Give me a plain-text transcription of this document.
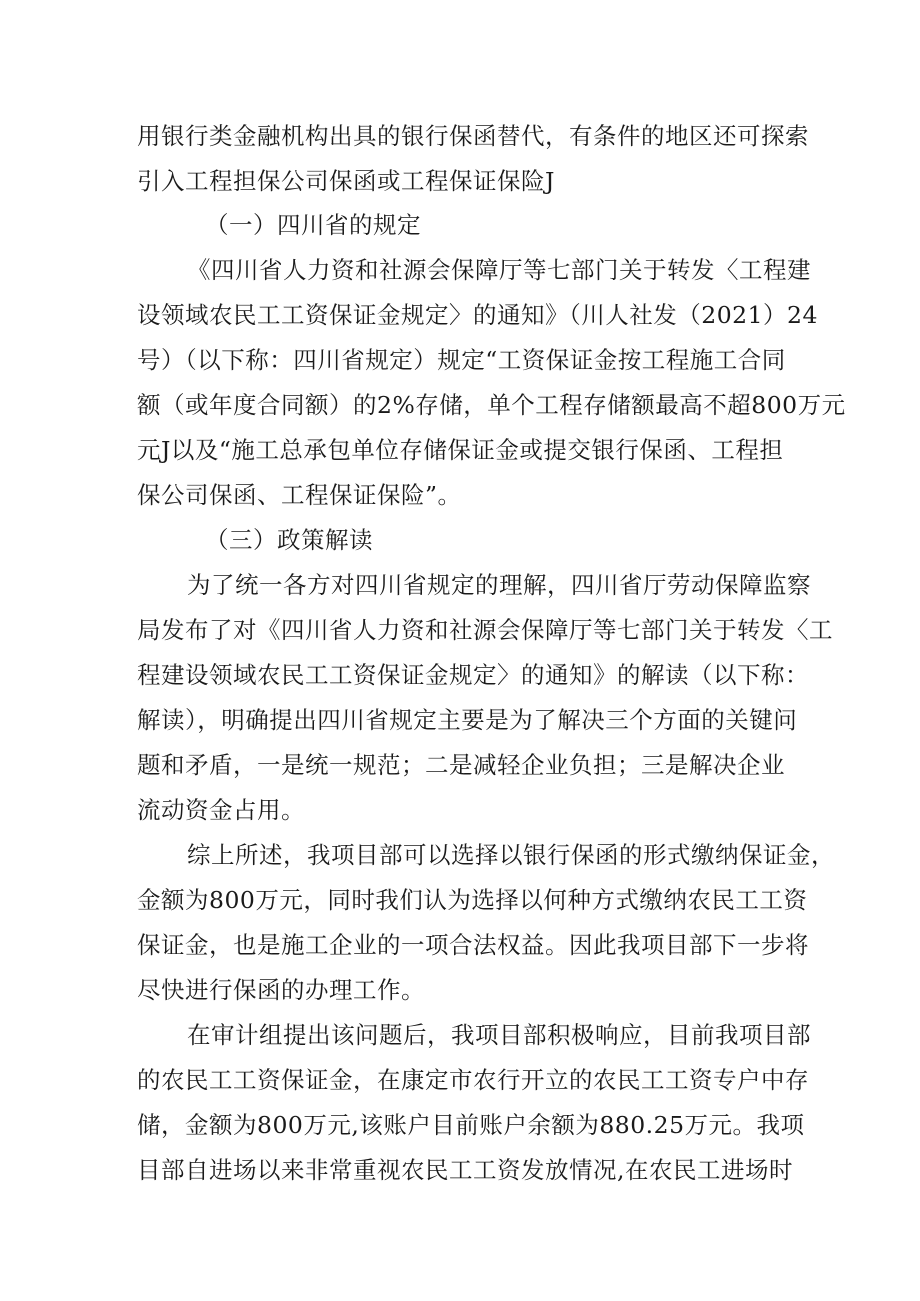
用银行类金融机构出具的银行保函替代，有条件的地区还可探索
引入工程担保公司保函或工程保证保险J
（一）四川省的规定
《四川省人力资和社源会保障厅等七部门关于转发〈工程建
设领域农民工工资保证金规定〉的通知》（川人社发（2021）24
号）（以下称：四川省规定）规定“工资保证金按工程施工合同
额（或年度合同额）的2%存储，单个工程存储额最高不超800万元
元J以及“施工总承包单位存储保证金或提交银行保函、工程担
保公司保函、工程保证保险”。
（三）政策解读
为了统一各方对四川省规定的理解，四川省厅劳动保障监察
局发布了对《四川省人力资和社源会保障厅等七部门关于转发〈工
程建设领域农民工工资保证金规定〉的通知》的解读（以下称：
解读），明确提出四川省规定主要是为了解决三个方面的关键问
题和矛盾，一是统一规范；二是减轻企业负担；三是解决企业
流动资金占用。
综上所述，我项目部可以选择以银行保函的形式缴纳保证金，
金额为800万元，同时我们认为选择以何种方式缴纳农民工工资
保证金，也是施工企业的一项合法权益。因此我项目部下一步将
尽快进行保函的办理工作。
在审计组提出该问题后，我项目部积极响应，目前我项目部
的农民工工资保证金，在康定市农行开立的农民工工资专户中存
储，金额为800万元,该账户目前账户余额为880.25万元。我项
目部自进场以来非常重视农民工工资发放情况,在农民工进场时
